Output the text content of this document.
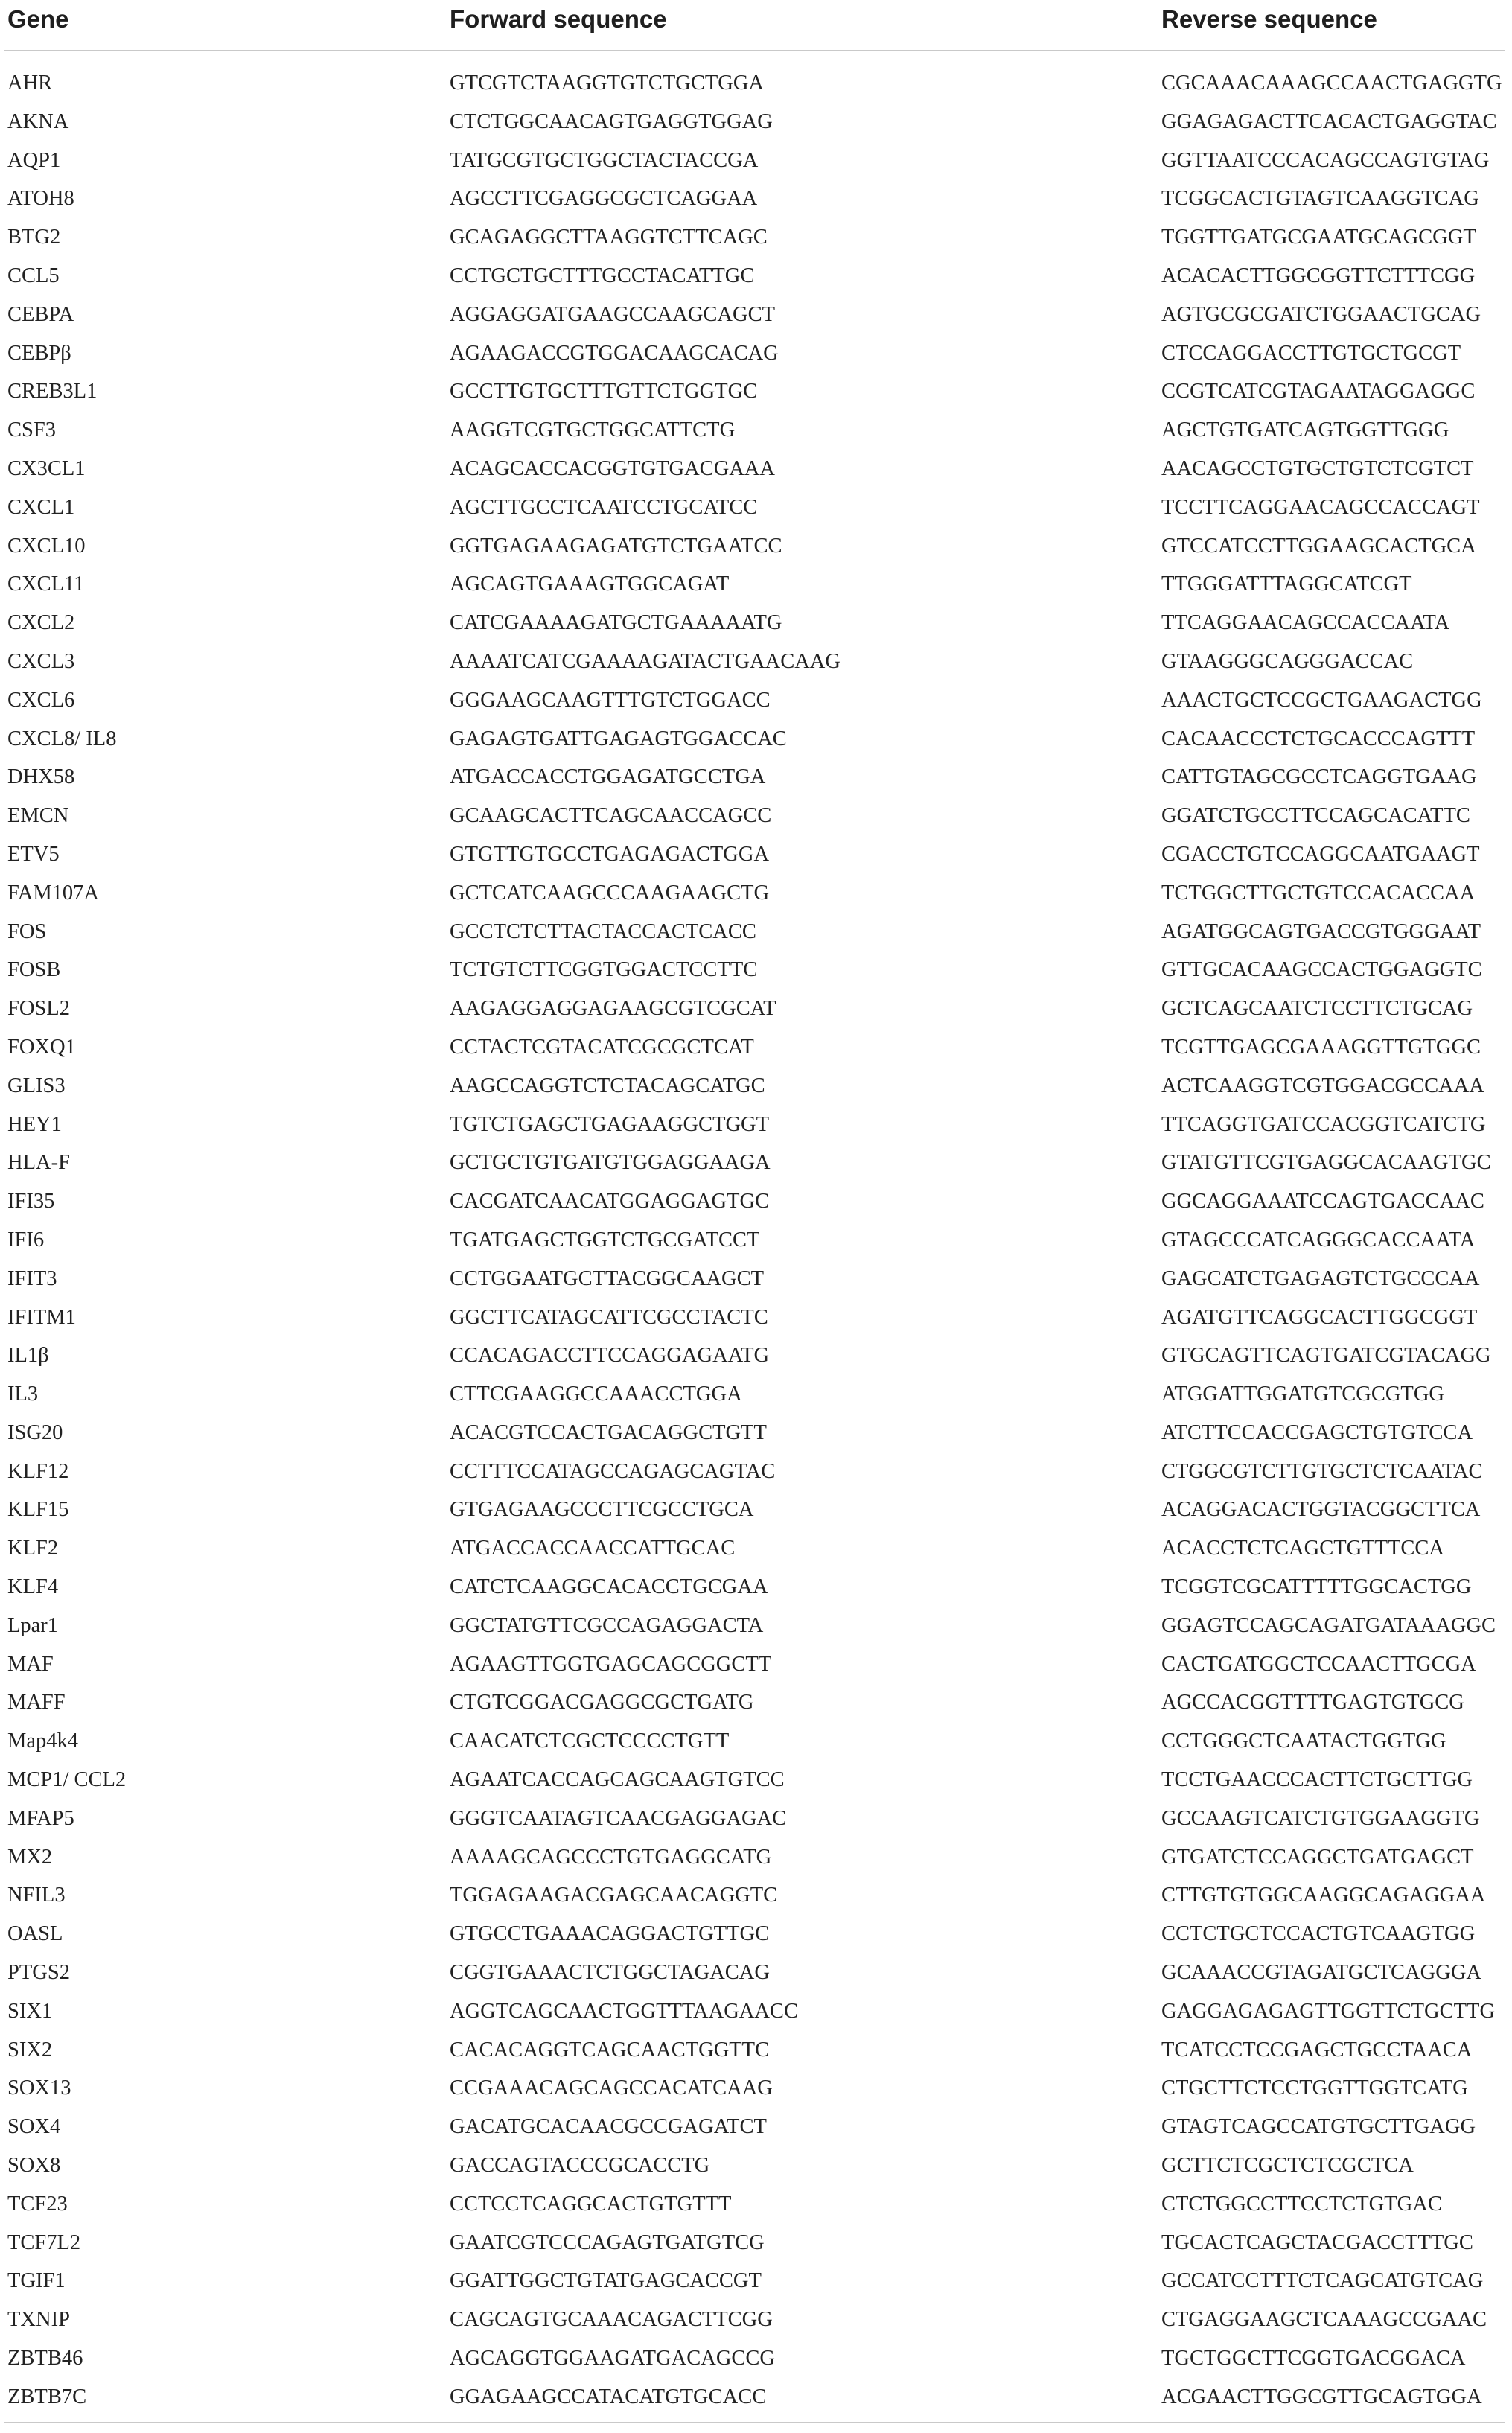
Gene	Forward sequence	Reverse sequence
AHR	GTCGTCTAAGGTGTCTGCTGGA	CGCAAACAAAGCCAACTGAGGTG
AKNA	CTCTGGCAACAGTGAGGTGGAG	GGAGAGACTTCACACTGAGGTAC
AQP1	TATGCGTGCTGGCTACTACCGA	GGTTAATCCCACAGCCAGTGTAG
ATOH8	AGCCTTCGAGGCGCTCAGGAA	TCGGCACTGTAGTCAAGGTCAG
BTG2	GCAGAGGCTTAAGGTCTTCAGC	TGGTTGATGCGAATGCAGCGGT
CCL5	CCTGCTGCTTTGCCTACATTGC	ACACACTTGGCGGTTCTTTCGG
CEBPA	AGGAGGATGAAGCCAAGCAGCT	AGTGCGCGATCTGGAACTGCAG
CEBPβ	AGAAGACCGTGGACAAGCACAG	CTCCAGGACCTTGTGCTGCGT
CREB3L1	GCCTTGTGCTTTGTTCTGGTGC	CCGTCATCGTAGAATAGGAGGC
CSF3	AAGGTCGTGCTGGCATTCTG	AGCTGTGATCAGTGGTTGGG
CX3CL1	ACAGCACCACGGTGTGACGAAA	AACAGCCTGTGCTGTCTCGTCT
CXCL1	AGCTTGCCTCAATCCTGCATCC	TCCTTCAGGAACAGCCACCAGT
CXCL10	GGTGAGAAGAGATGTCTGAATCC	GTCCATCCTTGGAAGCACTGCA
CXCL11	AGCAGTGAAAGTGGCAGAT	TTGGGATTTAGGCATCGT
CXCL2	CATCGAAAAGATGCTGAAAAATG	TTCAGGAACAGCCACCAATA
CXCL3	AAAATCATCGAAAAGATACTGAACAAG	GTAAGGGCAGGGACCAC
CXCL6	GGGAAGCAAGTTTGTCTGGACC	AAACTGCTCCGCTGAAGACTGG
CXCL8/ IL8	GAGAGTGATTGAGAGTGGACCAC	CACAACCCTCTGCACCCAGTTT
DHX58	ATGACCACCTGGAGATGCCTGA	CATTGTAGCGCCTCAGGTGAAG
EMCN	GCAAGCACTTCAGCAACCAGCC	GGATCTGCCTTCCAGCACATTC
ETV5	GTGTTGTGCCTGAGAGACTGGA	CGACCTGTCCAGGCAATGAAGT
FAM107A	GCTCATCAAGCCCAAGAAGCTG	TCTGGCTTGCTGTCCACACCAA
FOS	GCCTCTCTTACTACCACTCACC	AGATGGCAGTGACCGTGGGAAT
FOSB	TCTGTCTTCGGTGGACTCCTTC	GTTGCACAAGCCACTGGAGGTC
FOSL2	AAGAGGAGGAGAAGCGTCGCAT	GCTCAGCAATCTCCTTCTGCAG
FOXQ1	CCTACTCGTACATCGCGCTCAT	TCGTTGAGCGAAAGGTTGTGGC
GLIS3	AAGCCAGGTCTCTACAGCATGC	ACTCAAGGTCGTGGACGCCAAA
HEY1	TGTCTGAGCTGAGAAGGCTGGT	TTCAGGTGATCCACGGTCATCTG
HLA-F	GCTGCTGTGATGTGGAGGAAGA	GTATGTTCGTGAGGCACAAGTGC
IFI35	CACGATCAACATGGAGGAGTGC	GGCAGGAAATCCAGTGACCAAC
IFI6	TGATGAGCTGGTCTGCGATCCT	GTAGCCCATCAGGGCACCAATA
IFIT3	CCTGGAATGCTTACGGCAAGCT	GAGCATCTGAGAGTCTGCCCAA
IFITM1	GGCTTCATAGCATTCGCCTACTC	AGATGTTCAGGCACTTGGCGGT
IL1β	CCACAGACCTTCCAGGAGAATG	GTGCAGTTCAGTGATCGTACAGG
IL3	CTTCGAAGGCCAAACCTGGA	ATGGATTGGATGTCGCGTGG
ISG20	ACACGTCCACTGACAGGCTGTT	ATCTTCCACCGAGCTGTGTCCA
KLF12	CCTTTCCATAGCCAGAGCAGTAC	CTGGCGTCTTGTGCTCTCAATAC
KLF15	GTGAGAAGCCCTTCGCCTGCA	ACAGGACACTGGTACGGCTTCA
KLF2	ATGACCACCAACCATTGCAC	ACACCTCTCAGCTGTTTCCA
KLF4	CATCTCAAGGCACACCTGCGAA	TCGGTCGCATTTTTGGCACTGG
Lpar1	GGCTATGTTCGCCAGAGGACTA	GGAGTCCAGCAGATGATAAAGGC
MAF	AGAAGTTGGTGAGCAGCGGCTT	CACTGATGGCTCCAACTTGCGA
MAFF	CTGTCGGACGAGGCGCTGATG	AGCCACGGTTTTGAGTGTGCG
Map4k4	CAACATCTCGCTCCCCTGTT	CCTGGGCTCAATACTGGTGG
MCP1/ CCL2	AGAATCACCAGCAGCAAGTGTCC	TCCTGAACCCACTTCTGCTTGG
MFAP5	GGGTCAATAGTCAACGAGGAGAC	GCCAAGTCATCTGTGGAAGGTG
MX2	AAAAGCAGCCCTGTGAGGCATG	GTGATCTCCAGGCTGATGAGCT
NFIL3	TGGAGAAGACGAGCAACAGGTC	CTTGTGTGGCAAGGCAGAGGAA
OASL	GTGCCTGAAACAGGACTGTTGC	CCTCTGCTCCACTGTCAAGTGG
PTGS2	CGGTGAAACTCTGGCTAGACAG	GCAAACCGTAGATGCTCAGGGA
SIX1	AGGTCAGCAACTGGTTTAAGAACC	GAGGAGAGAGTTGGTTCTGCTTG
SIX2	CACACAGGTCAGCAACTGGTTC	TCATCCTCCGAGCTGCCTAACA
SOX13	CCGAAACAGCAGCCACATCAAG	CTGCTTCTCCTGGTTGGTCATG
SOX4	GACATGCACAACGCCGAGATCT	GTAGTCAGCCATGTGCTTGAGG
SOX8	GACCAGTACCCGCACCTG	GCTTCTCGCTCTCGCTCA
TCF23	CCTCCTCAGGCACTGTGTTT	CTCTGGCCTTCCTCTGTGAC
TCF7L2	GAATCGTCCCAGAGTGATGTCG	TGCACTCAGCTACGACCTTTGC
TGIF1	GGATTGGCTGTATGAGCACCGT	GCCATCCTTTCTCAGCATGTCAG
TXNIP	CAGCAGTGCAAACAGACTTCGG	CTGAGGAAGCTCAAAGCCGAAC
ZBTB46	AGCAGGTGGAAGATGACAGCCG	TGCTGGCTTCGGTGACGGACA
ZBTB7C	GGAGAAGCCATACATGTGCACC	ACGAACTTGGCGTTGCAGTGGA
